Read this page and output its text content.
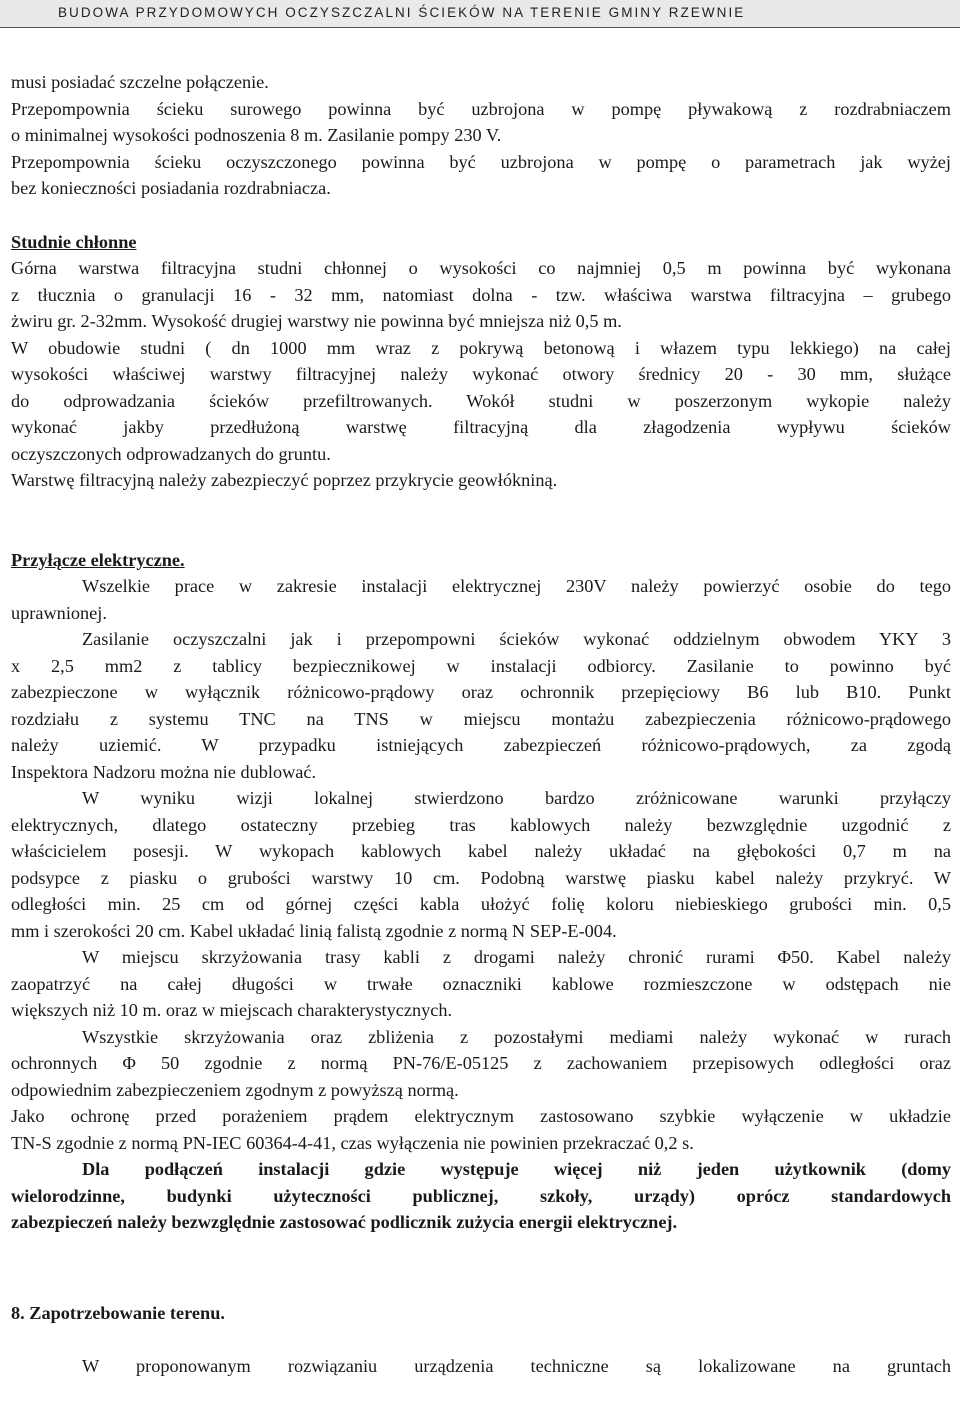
BUDOWA PRZYDOMOWYCH OCZYSZCZALNI ŚCIEKÓW NA TERENIE GMINY RZEWNIE

musi posiadać szczelne połączenie.

Przepompownia ścieku surowego powinna być uzbrojona w pompę pływakową z rozdrabniaczem

o minimalnej wysokości podnoszenia 8 m. Zasilanie pompy 230 V.

Przepompownia ścieku oczyszczonego powinna być uzbrojona w pompę o parametrach jak wyżej

bez konieczności posiadania rozdrabniacza.

Studnie chłonne

Górna warstwa filtracyjna studni chłonnej o wysokości co najmniej 0,5 m powinna być wykonana

z tłucznia o granulacji 16 - 32 mm, natomiast dolna - tzw. właściwa warstwa filtracyjna – grubego

żwiru gr. 2-32mm. Wysokość drugiej warstwy nie powinna być mniejsza niż 0,5 m.

W obudowie studni ( dn 1000 mm wraz z pokrywą betonową i włazem typu lekkiego) na całej

wysokości właściwej warstwy filtracyjnej należy wykonać otwory średnicy 20 - 30 mm, służące

do odprowadzania ścieków przefiltrowanych. Wokół studni w poszerzonym wykopie należy

wykonać jakby przedłużoną warstwę filtracyjną dla złagodzenia wypływu ścieków

oczyszczonych odprowadzanych do gruntu.

Warstwę filtracyjną należy zabezpieczyć poprzez przykrycie geowłókniną.

Przyłącze elektryczne.

Wszelkie prace w zakresie instalacji elektrycznej 230V należy powierzyć osobie do tego

uprawnionej.

Zasilanie oczyszczalni jak i przepompowni ścieków wykonać oddzielnym obwodem YKY 3

x 2,5 mm2 z tablicy bezpiecznikowej w instalacji odbiorcy. Zasilanie to powinno być

zabezpieczone w wyłącznik różnicowo-prądowy oraz ochronnik przepięciowy B6 lub B10. Punkt

rozdziału z systemu TNC na TNS w miejscu montażu zabezpieczenia różnicowo-prądowego

należy uziemić. W przypadku istniejących zabezpieczeń różnicowo-prądowych, za zgodą

Inspektora Nadzoru można nie dublować.

W wyniku wizji lokalnej stwierdzono bardzo zróżnicowane warunki przyłączy

elektrycznych, dlatego ostateczny przebieg tras kablowych należy bezwzględnie uzgodnić z

właścicielem posesji. W wykopach kablowych kabel należy układać na głębokości 0,7 m na

podsypce z piasku o grubości warstwy 10 cm. Podobną warstwę piasku kabel należy przykryć. W

odległości min. 25 cm od górnej części kabla ułożyć folię koloru niebieskiego grubości min. 0,5

mm i szerokości 20 cm. Kabel układać linią falistą zgodnie z normą N SEP-E-004.

W miejscu skrzyżowania trasy kabli z drogami należy chronić rurami Φ50. Kabel należy

zaopatrzyć na całej długości w trwałe oznaczniki kablowe rozmieszczone w odstępach nie

większych niż 10 m. oraz w miejscach charakterystycznych.

Wszystkie skrzyżowania oraz zbliżenia z pozostałymi mediami należy wykonać w rurach

ochronnych Φ 50 zgodnie z normą PN-76/E-05125 z zachowaniem przepisowych odległości oraz

odpowiednim zabezpieczeniem zgodnym z powyższą normą.

Jako ochronę przed porażeniem prądem elektrycznym zastosowano szybkie wyłączenie w układzie

TN-S zgodnie z normą PN-IEC 60364-4-41, czas wyłączenia nie powinien przekraczać 0,2 s.

Dla podłączeń instalacji gdzie występuje więcej niż jeden użytkownik (domy

wielorodzinne, budynki użyteczności publicznej, szkoły, urządy) oprócz standardowych

zabezpieczeń należy bezwzględnie zastosować podlicznik zużycia energii elektrycznej.

8. Zapotrzebowanie terenu.

W proponowanym rozwiązaniu urządzenia techniczne są lokalizowane na gruntach
